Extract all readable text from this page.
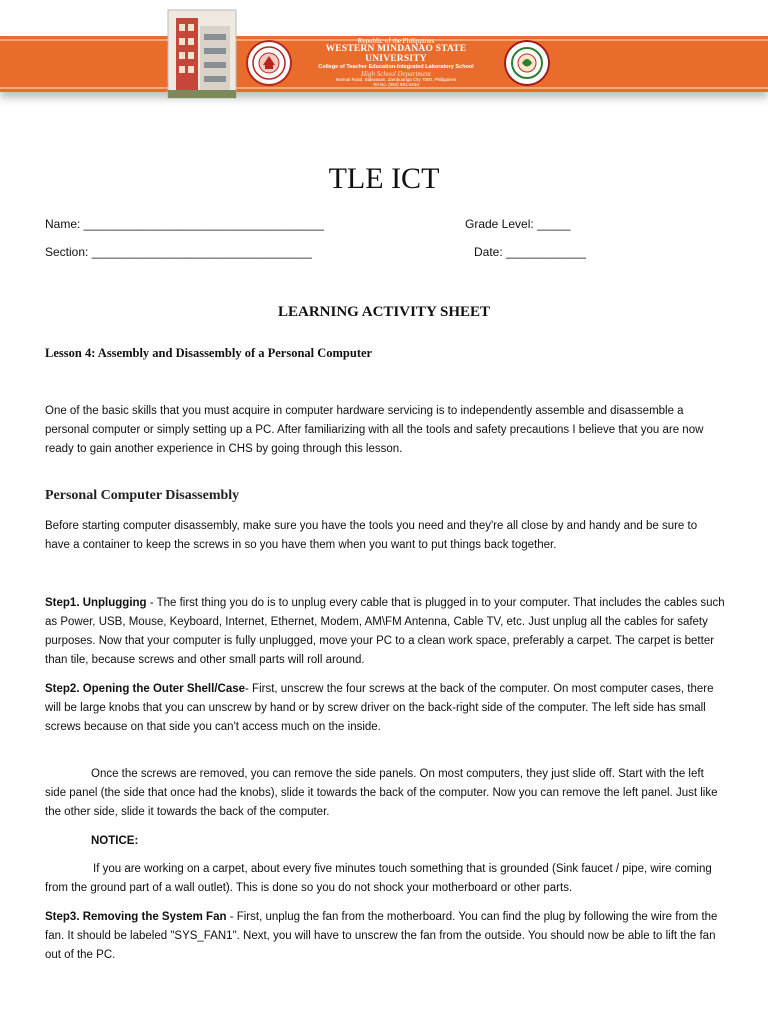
Republic of the Philippines
WESTERN MINDANAO STATE UNIVERSITY
College of Teacher Education-Integrated Laboratory School
High School Department
Normal Road, Baliwasan, Zamboanga City 7000, Philippines
Tel No. (062) 991-6154
TLE ICT
Name: ____________________________________	Grade Level: _____
Section: _________________________________	Date: ____________
LEARNING ACTIVITY SHEET
Lesson 4: Assembly and Disassembly of a Personal Computer

One of the basic skills that you must acquire in computer hardware servicing is to independently assemble and disassemble a personal computer or simply setting up a PC. After familiarizing with all the tools and safety precautions I believe that you are now ready to gain another experience in CHS by going through this lesson.

Personal Computer Disassembly

Before starting computer disassembly, make sure you have the tools you need and they're all close by and handy and be sure to have a container to keep the screws in so you have them when you want to put things back together.

Step1. Unplugging - The first thing you do is to unplug every cable that is plugged in to your computer. That includes the cables such as Power, USB, Mouse, Keyboard, Internet, Ethernet, Modem, AM\FM Antenna, Cable TV, etc. Just unplug all the cables for safety purposes. Now that your computer is fully unplugged, move your PC to a clean work space, preferably a carpet. The carpet is better than tile, because screws and other small parts will roll around.

Step2. Opening the Outer Shell/Case- First, unscrew the four screws at the back of the computer. On most computer cases, there will be large knobs that you can unscrew by hand or by screw driver on the back-right side of the computer. The left side has small screws because on that side you can't access much on the inside.

Once the screws are removed, you can remove the side panels. On most computers, they just slide off. Start with the left side panel (the side that once had the knobs), slide it towards the back of the computer. Now you can remove the left panel. Just like the other side, slide it towards the back of the computer.

NOTICE:

If you are working on a carpet, about every five minutes touch something that is grounded (Sink faucet / pipe, wire coming from the ground part of a wall outlet). This is done so you do not shock your motherboard or other parts.

Step3. Removing the System Fan - First, unplug the fan from the motherboard. You can find the plug by following the wire from the fan. It should be labeled "SYS_FAN1". Next, you will have to unscrew the fan from the outside. You should now be able to lift the fan out of the PC.
